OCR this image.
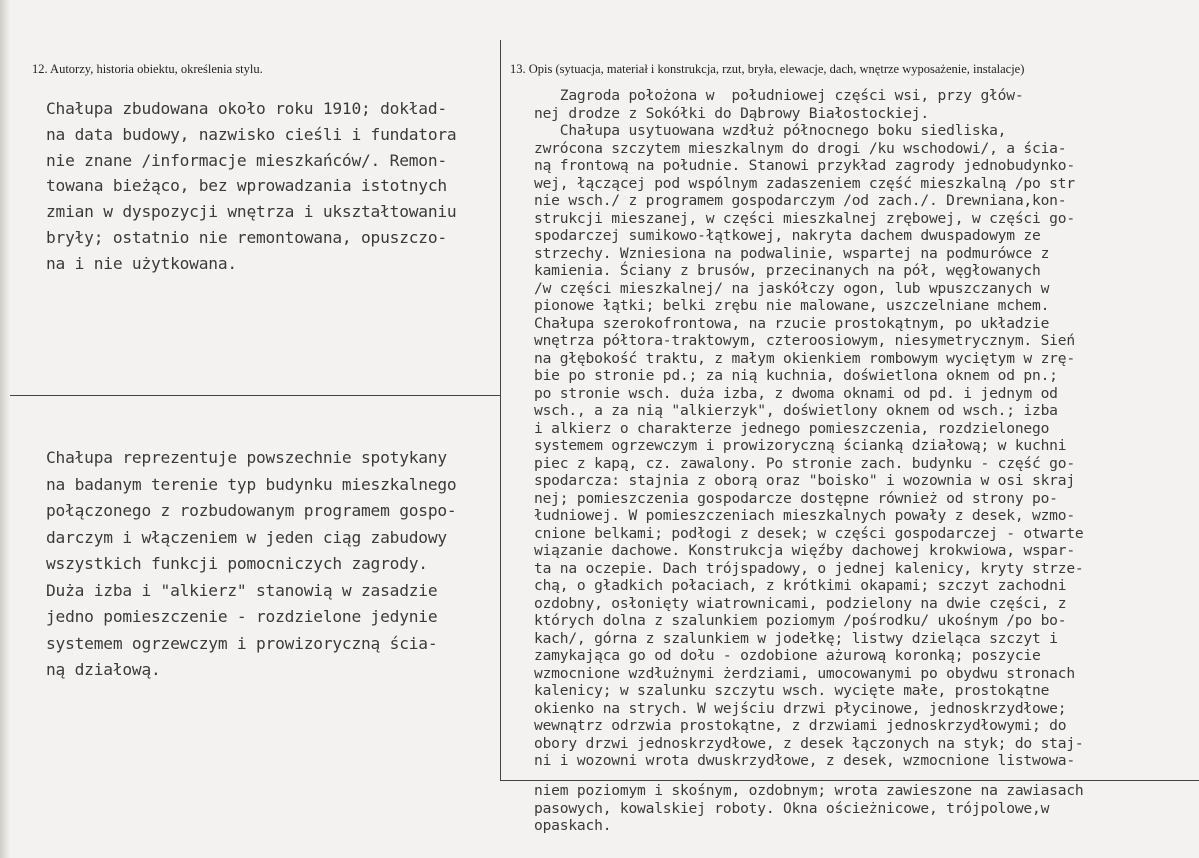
12. Autorzy, historia obiektu, określenia stylu.	13. Opis (sytuacja, materiał i konstrukcja, rzut, bryła, elewacje, dach, wnętrze wyposażenie, instalacje)
Chałupa zbudowana około roku 1910; dokład-
na data budowy, nazwisko cieśli i fundatora
nie znane /informacje mieszkańców/. Remon-
towana bieżąco, bez wprowadzania istotnych
zmian w dyspozycji wnętrza i ukształtowaniu
bryły; ostatnio nie remontowana, opuszczo-
na i nie użytkowana.
Chałupa reprezentuje powszechnie spotykany
na badanym terenie typ budynku mieszkalnego
połączonego z rozbudowanym programem gospo-
darczym i włączeniem w jeden ciąg zabudowy
wszystkich funkcji pomocniczych zagrody.
Duża izba i "alkierz" stanowią w zasadzie
jedno pomieszczenie - rozdzielone jedynie
systemem ogrzewczym i prowizoryczną ścia-
ną działową.
Zagroda położona w  południowej części wsi, przy głów-
nej drodze z Sokółki do Dąbrowy Białostockiej.
Chałupa usytuowana wzdłuż północnego boku siedliska,
zwrócona szczytem mieszkalnym do drogi /ku wschodowi/, a ścia-
ną frontową na południe. Stanowi przykład zagrody jednobudynko-
wej, łączącej pod wspólnym zadaszeniem część mieszkalną /po str
nie wsch./ z programem gospodarczym /od zach./. Drewniana,kon-
strukcji mieszanej, w części mieszkalnej zrębowej, w części go-
spodarczej sumikowo-łątkowej, nakryta dachem dwuspadowym ze
strzechy. Wzniesiona na podwalinie, wspartej na podmurówce z
kamienia. Ściany z brusów, przecinanych na pół, węgłowanych
/w części mieszkalnej/ na jaskółczy ogon, lub wpuszczanych w
pionowe łątki; belki zrębu nie malowane, uszczelniane mchem.
Chałupa szerokofrontowa, na rzucie prostokątnym, po układzie
wnętrza półtora-traktowym, czteroosiowym, niesymetrycznym. Sień
na głębokość traktu, z małym okienkiem rombowym wyciętym w zrę-
bie po stronie pd.; za nią kuchnia, doświetlona oknem od pn.;
po stronie wsch. duża izba, z dwoma oknami od pd. i jednym od
wsch., a za nią "alkierzyk", doświetlony oknem od wsch.; izba
i alkierz o charakterze jednego pomieszczenia, rozdzielonego
systemem ogrzewczym i prowizoryczną ścianką działową; w kuchni
piec z kapą, cz. zawalony. Po stronie zach. budynku - część go-
spodarcza: stajnia z oborą oraz "boisko" i wozownia w osi skraj
nej; pomieszczenia gospodarcze dostępne również od strony po-
łudniowej. W pomieszczeniach mieszkalnych powały z desek, wzmo-
cnione belkami; podłogi z desek; w części gospodarczej - otwarte
wiązanie dachowe. Konstrukcja więźby dachowej krokwiowa, wspar-
ta na oczepie. Dach trójspadowy, o jednej kalenicy, kryty strze-
chą, o gładkich połaciach, z krótkimi okapami; szczyt zachodni
ozdobny, osłonięty wiatrownicami, podzielony na dwie części, z
których dolna z szalunkiem poziomym /pośrodku/ ukośnym /po bo-
kach/, górna z szalunkiem w jodełkę; listwy dzieląca szczyt i
zamykająca go od dołu - ozdobione ażurową koronką; poszycie
wzmocnione wzdłużnymi żerdziami, umocowanymi po obydwu stronach
kalenicy; w szalunku szczytu wsch. wycięte małe, prostokątne
okienko na strych. W wejściu drzwi płycinowe, jednoskrzydłowe;
wewnątrz odrzwia prostokątne, z drzwiami jednoskrzydłowymi; do
obory drzwi jednoskrzydłowe, z desek łączonych na styk; do staj-
ni i wozowni wrota dwuskrzydłowe, z desek, wzmocnione listwowa-
niem poziomym i skośnym, ozdobnym; wrota zawieszone na zawiasach
pasowych, kowalskiej roboty. Okna ościeżnicowe, trójpolowe,w
opaskach.
